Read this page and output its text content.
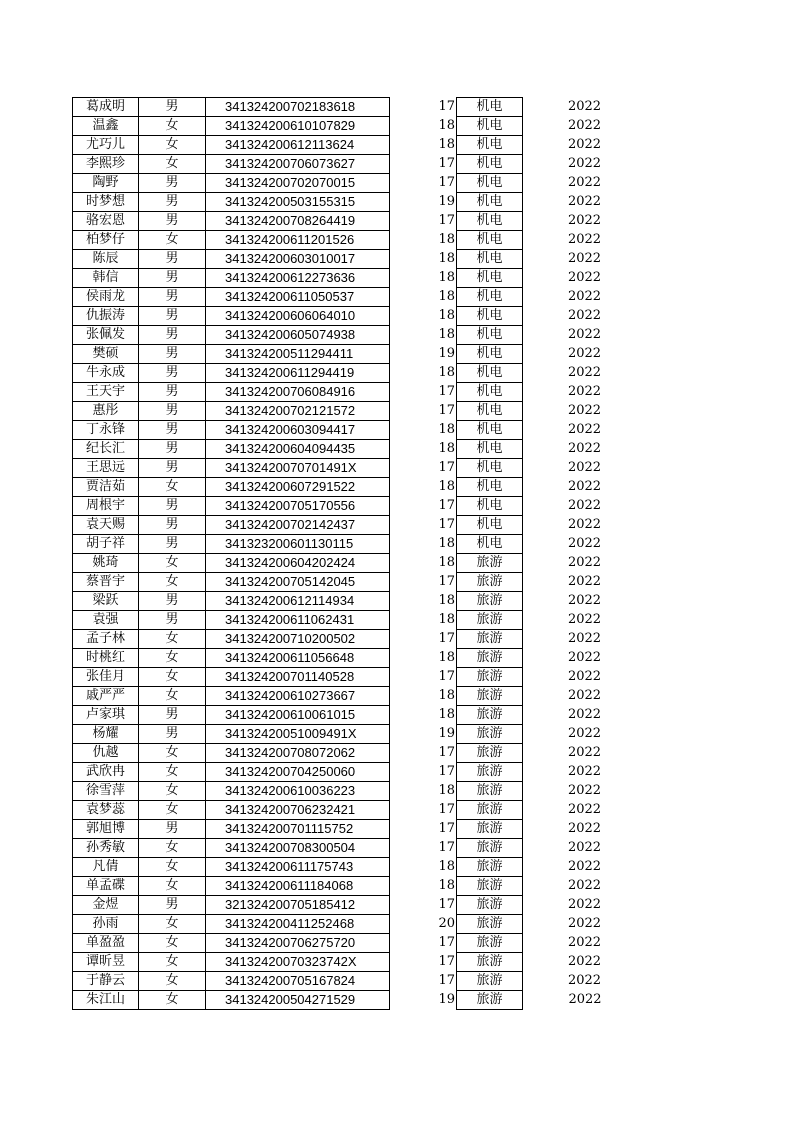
葛成明	男	341324200702183618		17	机电	2022
温鑫	女	341324200610107829		18	机电	2022
尤巧儿	女	341324200612113624		18	机电	2022
李熙珍	女	341324200706073627		17	机电	2022
陶野	男	341324200702070015		17	机电	2022
时梦想	男	341324200503155315		19	机电	2022
骆宏恩	男	341324200708264419		17	机电	2022
柏梦仔	女	341324200611201526		18	机电	2022
陈辰	男	341324200603010017		18	机电	2022
韩信	男	341324200612273636		18	机电	2022
侯雨龙	男	341324200611050537		18	机电	2022
仇振涛	男	341324200606064010		18	机电	2022
张佩发	男	341324200605074938		18	机电	2022
樊硕	男	341324200511294411		19	机电	2022
牛永成	男	341324200611294419		18	机电	2022
王天宇	男	341324200706084916		17	机电	2022
惠彤	男	341324200702121572		17	机电	2022
丁永锋	男	341324200603094417		18	机电	2022
纪长汇	男	341324200604094435		18	机电	2022
王思远	男	34132420070701491X		17	机电	2022
贾洁茹	女	341324200607291522		18	机电	2022
周根宇	男	341324200705170556		17	机电	2022
袁天赐	男	341324200702142437		17	机电	2022
胡子祥	男	341323200601130115		18	机电	2022
姚琦	女	341324200604202424		18	旅游	2022
蔡晋宇	女	341324200705142045		17	旅游	2022
梁跃	男	341324200612114934		18	旅游	2022
袁强	男	341324200611062431		18	旅游	2022
孟子林	女	341324200710200502		17	旅游	2022
时桃红	女	341324200611056648		18	旅游	2022
张佳月	女	341324200701140528		17	旅游	2022
戚严严	女	341324200610273667		18	旅游	2022
卢家琪	男	341324200610061015		18	旅游	2022
杨耀	男	34132420051009491X		19	旅游	2022
仇越	女	341324200708072062		17	旅游	2022
武欣冉	女	341324200704250060		17	旅游	2022
徐雪萍	女	341324200610036223		18	旅游	2022
袁梦蕊	女	341324200706232421		17	旅游	2022
郭旭博	男	341324200701115752		17	旅游	2022
孙秀敏	女	341324200708300504		17	旅游	2022
凡倩	女	341324200611175743		18	旅游	2022
单孟碟	女	341324200611184068		18	旅游	2022
金煜	男	321324200705185412		17	旅游	2022
孙雨	女	341324200411252468		20	旅游	2022
单盈盈	女	341324200706275720		17	旅游	2022
谭昕昱	女	34132420070323742X		17	旅游	2022
于静云	女	341324200705167824		17	旅游	2022
朱江山	女	341324200504271529		19	旅游	2022
